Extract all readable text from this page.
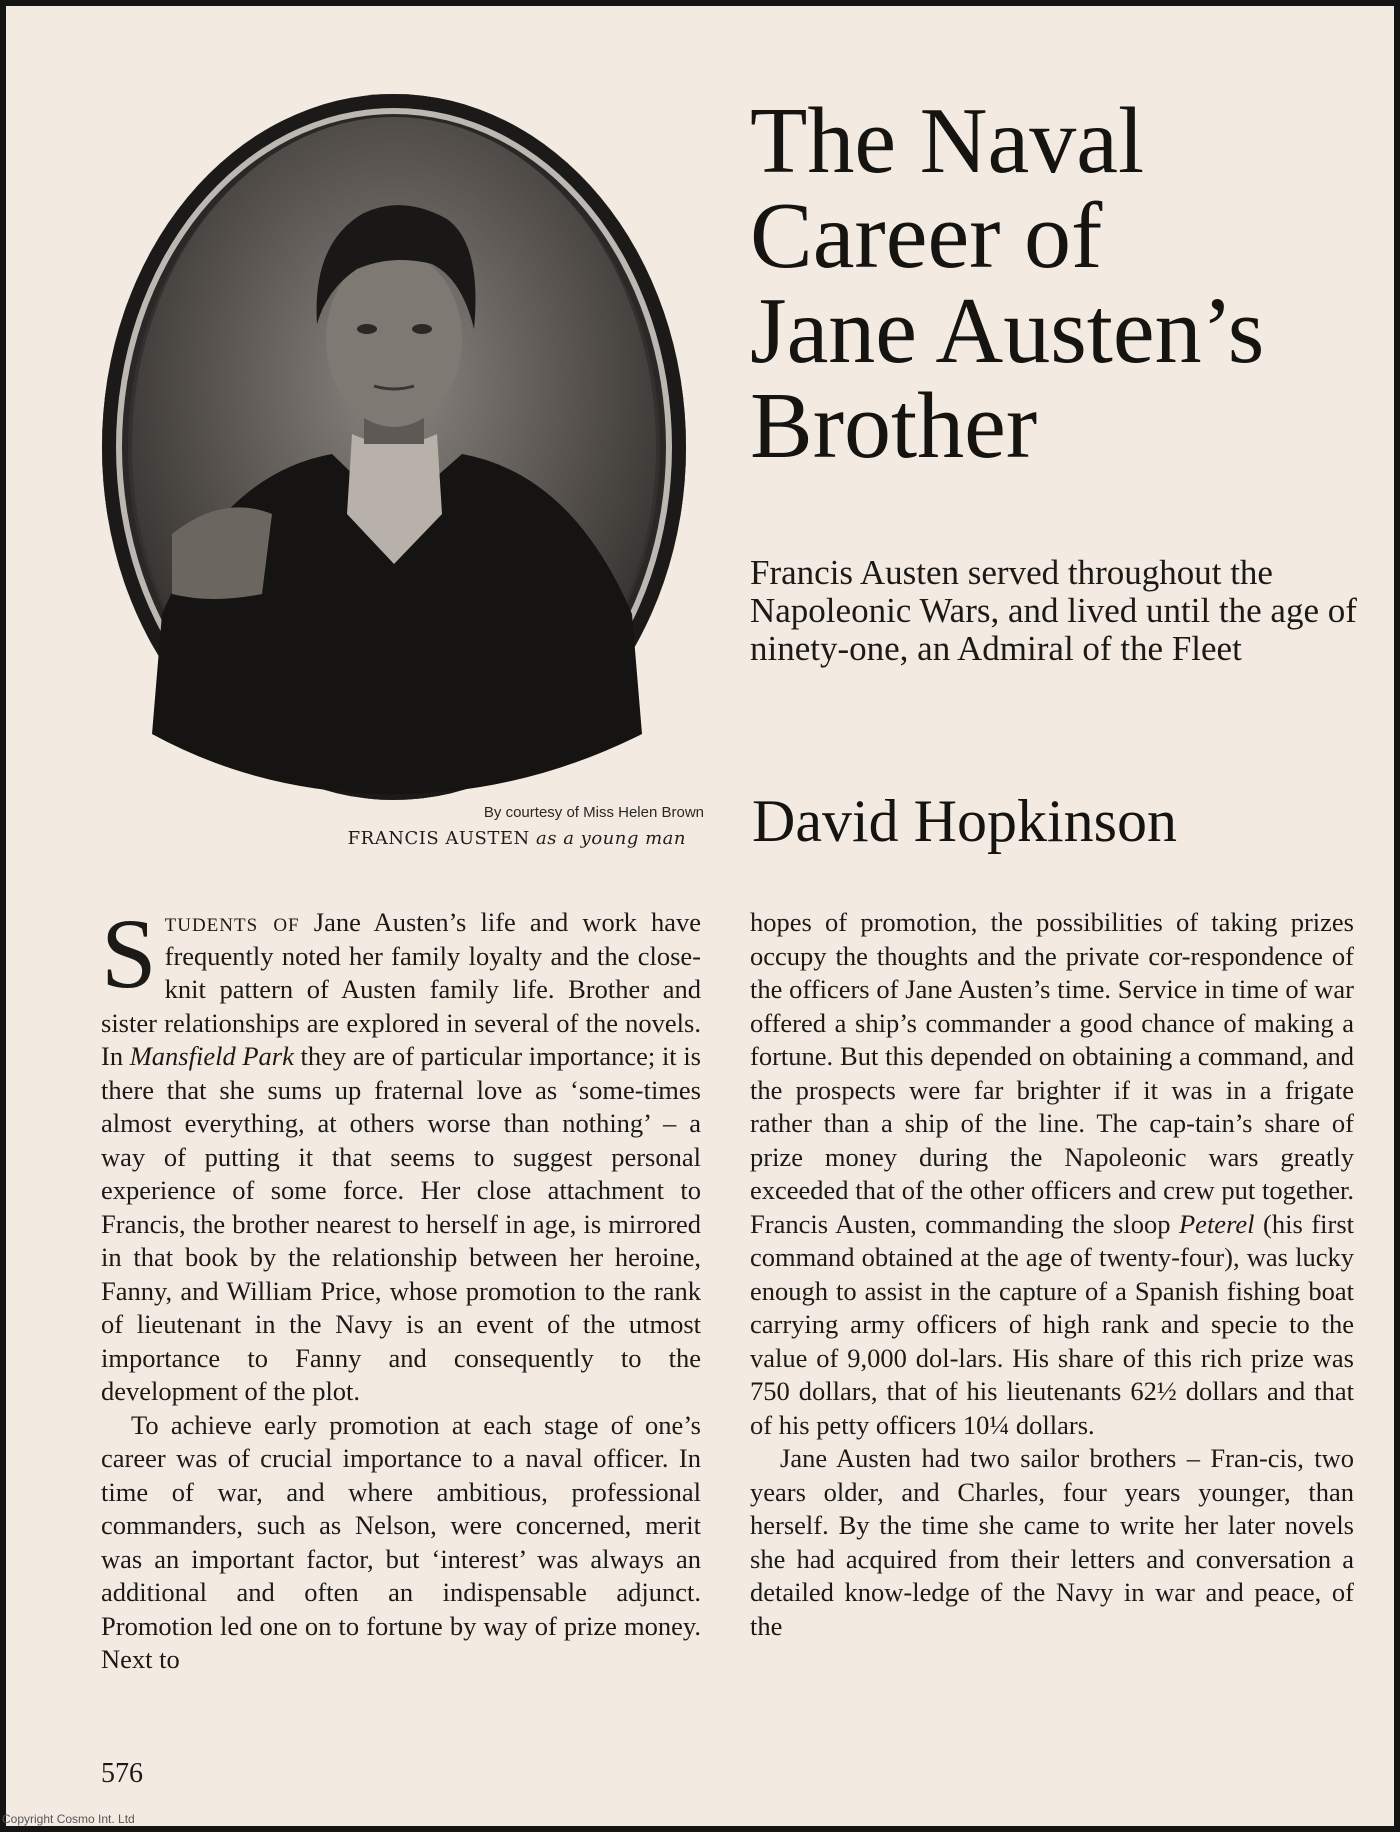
By courtesy of Miss Helen Brown
FRANCIS AUSTEN as a young man
The Naval
Career of
Jane Austen’s
Brother
Francis Austen served throughout the Napoleonic Wars, and lived until the age of ninety-one, an Admiral of the Fleet
David Hopkinson

Students of Jane Austen’s life and work have frequently noted her family loyalty and the close-knit pattern of Austen family life. Brother and sister relationships are explored in several of the novels. In Mansfield Park they are of particular importance; it is there that she sums up fraternal love as ‘some-times almost everything, at others worse than nothing’ – a way of putting it that seems to suggest personal experience of some force. Her close attachment to Francis, the brother nearest to herself in age, is mirrored in that book by the relationship between her heroine, Fanny, and William Price, whose promotion to the rank of lieutenant in the Navy is an event of the utmost importance to Fanny and consequently to the development of the plot.

To achieve early promotion at each stage of one’s career was of crucial importance to a naval officer. In time of war, and where ambitious, professional commanders, such as Nelson, were concerned, merit was an important factor, but ‘interest’ was always an additional and often an indispensable adjunct. Promotion led one on to fortune by way of prize money. Next to

hopes of promotion, the possibilities of taking prizes occupy the thoughts and the private cor-respondence of the officers of Jane Austen’s time. Service in time of war offered a ship’s commander a good chance of making a fortune. But this depended on obtaining a command, and the prospects were far brighter if it was in a frigate rather than a ship of the line. The cap-tain’s share of prize money during the Napoleonic wars greatly exceeded that of the other officers and crew put together. Francis Austen, commanding the sloop Peterel (his first command obtained at the age of twenty-four), was lucky enough to assist in the capture of a Spanish fishing boat carrying army officers of high rank and specie to the value of 9,000 dol-lars. His share of this rich prize was 750 dollars, that of his lieutenants 62½ dollars and that of his petty officers 10¼ dollars.

Jane Austen had two sailor brothers – Fran-cis, two years older, and Charles, four years younger, than herself. By the time she came to write her later novels she had acquired from their letters and conversation a detailed know-ledge of the Navy in war and peace, of the

576
Copyright Cosmo Int. Ltd
